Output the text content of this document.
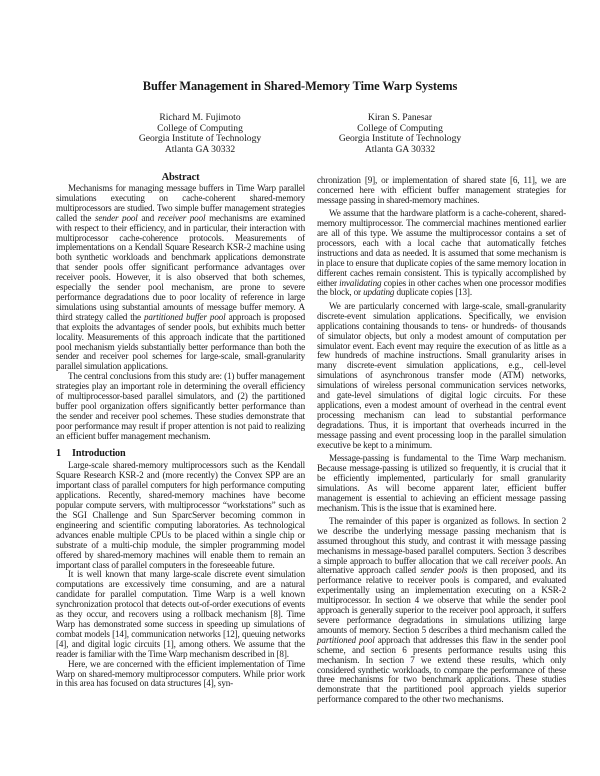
Buffer Management in Shared-Memory Time Warp Systems
Richard M. Fujimoto
College of Computing
Georgia Institute of Technology
Atlanta GA 30332
Kiran S. Panesar
College of Computing
Georgia Institute of Technology
Atlanta GA 30332
Abstract

Mechanisms for managing message buffers in Time Warp parallel simulations executing on cache-coherent shared-memory multiprocessors are studied. Two simple buffer management strategies called the sender pool and receiver pool mechanisms are examined with respect to their efficiency, and in particular, their interaction with multiprocessor cache-coherence protocols. Measurements of implementations on a Kendall Square Research KSR-2 machine using both synthetic workloads and benchmark applications demonstrate that sender pools offer significant performance advantages over receiver pools. However, it is also observed that both schemes, especially the sender pool mechanism, are prone to severe performance degradations due to poor locality of reference in large simulations using substantial amounts of message buffer memory. A third strategy called the partitioned buffer pool approach is proposed that exploits the advantages of sender pools, but exhibits much better locality. Measurements of this approach indicate that the partitioned pool mechanism yields substantially better performance than both the sender and receiver pool schemes for large-scale, small-granularity parallel simulation applications.

The central conclusions from this study are: (1) buffer management strategies play an important role in determining the overall efficiency of multiprocessor-based parallel simulators, and (2) the partitioned buffer pool organization offers significantly better performance than the sender and receiver pool schemes. These studies demonstrate that poor performance may result if proper attention is not paid to realizing an efficient buffer management mechanism.

1 Introduction

Large-scale shared-memory multiprocessors such as the Kendall Square Research KSR-2 and (more recently) the Convex SPP are an important class of parallel computers for high performance computing applications. Recently, shared-memory machines have become popular compute servers, with multiprocessor “workstations” such as the SGI Challenge and Sun SparcServer becoming common in engineering and scientific computing laboratories. As technological advances enable multiple CPUs to be placed within a single chip or substrate of a multi-chip module, the simpler programming model offered by shared-memory machines will enable them to remain an important class of parallel computers in the foreseeable future.

It is well known that many large-scale discrete event simulation computations are excessively time consuming, and are a natural candidate for parallel computation. Time Warp is a well known synchronization protocol that detects out-of-order executions of events as they occur, and recovers using a rollback mechanism [8]. Time Warp has demonstrated some success in speeding up simulations of combat models [14], communication networks [12], queuing networks [4], and digital logic circuits [1], among others. We assume that the reader is familiar with the Time Warp mechanism described in [8].

Here, we are concerned with the efficient implementation of Time Warp on shared-memory multiprocessor computers. While prior work in this area has focused on data structures [4], syn-

chronization [9], or implementation of shared state [6, 11], we are concerned here with efficient buffer management strategies for message passing in shared-memory machines.

We assume that the hardware platform is a cache-coherent, shared-memory multiprocessor. The commercial machines mentioned earlier are all of this type. We assume the multiprocessor contains a set of processors, each with a local cache that automatically fetches instructions and data as needed. It is assumed that some mechanism is in place to ensure that duplicate copies of the same memory location in different caches remain consistent. This is typically accomplished by either invalidating copies in other caches when one processor modifies the block, or updating duplicate copies [13].

We are particularly concerned with large-scale, small-granularity discrete-event simulation applications. Specifically, we envision applications containing thousands to tens- or hundreds- of thousands of simulator objects, but only a modest amount of computation per simulator event. Each event may require the execution of as little as a few hundreds of machine instructions. Small granularity arises in many discrete-event simulation applications, e.g., cell-level simulations of asynchronous transfer mode (ATM) networks, simulations of wireless personal communication services networks, and gate-level simulations of digital logic circuits. For these applications, even a modest amount of overhead in the central event processing mechanism can lead to substantial performance degradations. Thus, it is important that overheads incurred in the message passing and event processing loop in the parallel simulation executive be kept to a minimum.

Message-passing is fundamental to the Time Warp mechanism. Because message-passing is utilized so frequently, it is crucial that it be efficiently implemented, particularly for small granularity simulations. As will become apparent later, efficient buffer management is essential to achieving an efficient message passing mechanism. This is the issue that is examined here.

The remainder of this paper is organized as follows. In section 2 we describe the underlying message passing mechanism that is assumed throughout this study, and contrast it with message passing mechanisms in message-based parallel computers. Section 3 describes a simple approach to buffer allocation that we call receiver pools. An alternative approach called sender pools is then proposed, and its performance relative to receiver pools is compared, and evaluated experimentally using an implementation executing on a KSR-2 multiprocessor. In section 4 we observe that while the sender pool approach is generally superior to the receiver pool approach, it suffers severe performance degradations in simulations utilizing large amounts of memory. Section 5 describes a third mechanism called the partitioned pool approach that addresses this flaw in the sender pool scheme, and section 6 presents performance results using this mechanism. In section 7 we extend these results, which only considered synthetic workloads, to compare the performance of these three mechanisms for two benchmark applications. These studies demonstrate that the partitioned pool approach yields superior performance compared to the other two mechanisms.
